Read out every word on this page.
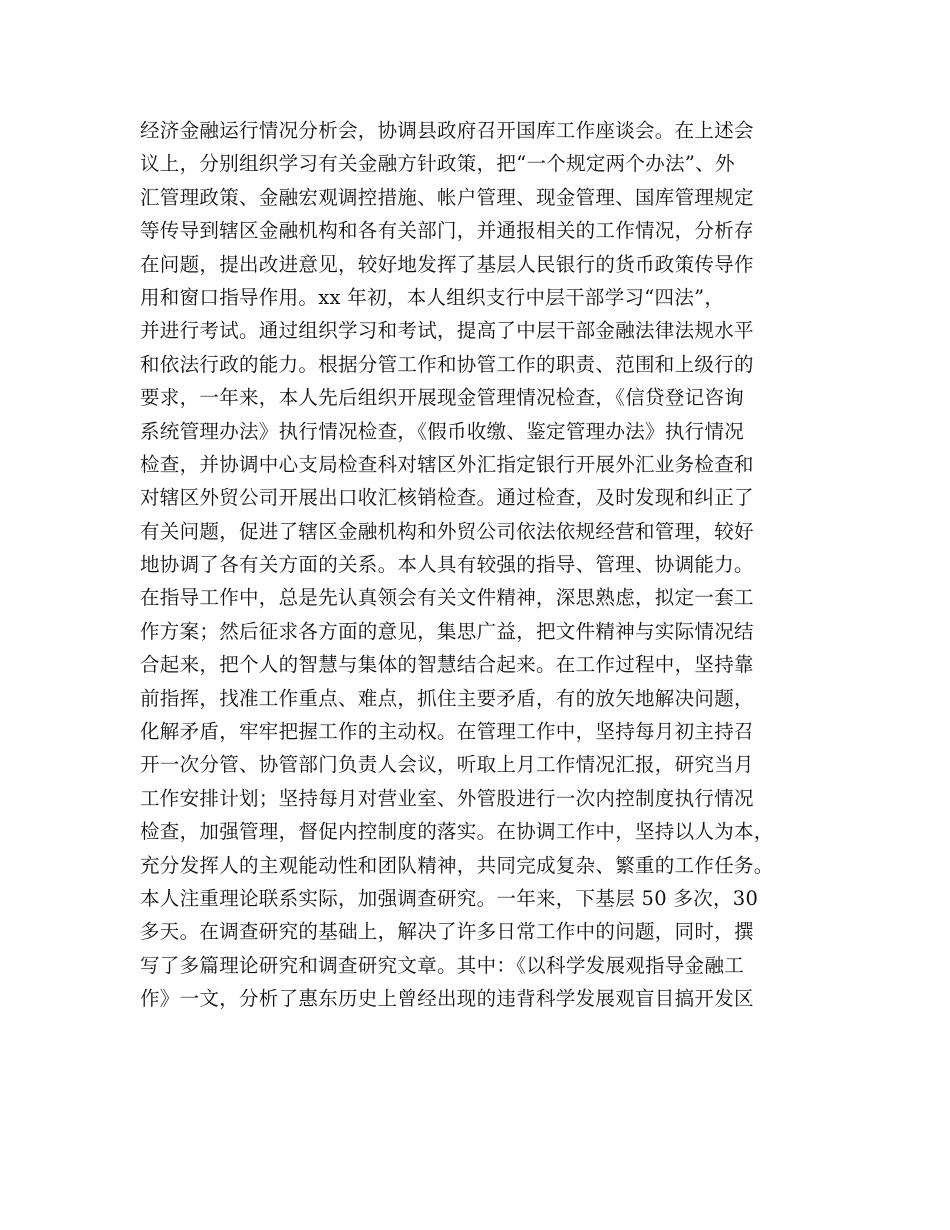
经济金融运行情况分析会，协调县政府召开国库工作座谈会。在上述会
议上，分别组织学习有关金融方针政策，把“一个规定两个办法”、外
汇管理政策、金融宏观调控措施、帐户管理、现金管理、国库管理规定
等传导到辖区金融机构和各有关部门，并通报相关的工作情况，分析存
在问题，提出改进意见，较好地发挥了基层人民银行的货币政策传导作
用和窗口指导作用。xx 年初，本人组织支行中层干部学习“四法”，
并进行考试。通过组织学习和考试，提高了中层干部金融法律法规水平
和依法行政的能力。根据分管工作和协管工作的职责、范围和上级行的
要求，一年来，本人先后组织开展现金管理情况检查，《信贷登记咨询
系统管理办法》执行情况检查，《假币收缴、鉴定管理办法》执行情况
检查，并协调中心支局检查科对辖区外汇指定银行开展外汇业务检查和
对辖区外贸公司开展出口收汇核销检查。通过检查，及时发现和纠正了
有关问题，促进了辖区金融机构和外贸公司依法依规经营和管理，较好
地协调了各有关方面的关系。本人具有较强的指导、管理、协调能力。
在指导工作中，总是先认真领会有关文件精神，深思熟虑，拟定一套工
作方案；然后征求各方面的意见，集思广益，把文件精神与实际情况结
合起来，把个人的智慧与集体的智慧结合起来。在工作过程中，坚持靠
前指挥，找准工作重点、难点，抓住主要矛盾，有的放矢地解决问题，
化解矛盾，牢牢把握工作的主动权。在管理工作中，坚持每月初主持召
开一次分管、协管部门负责人会议，听取上月工作情况汇报，研究当月
工作安排计划；坚持每月对营业室、外管股进行一次内控制度执行情况
检查，加强管理，督促内控制度的落实。在协调工作中，坚持以人为本，
充分发挥人的主观能动性和团队精神，共同完成复杂、繁重的工作任务。
本人注重理论联系实际，加强调查研究。一年来，下基层 50 多次，30
多天。在调查研究的基础上，解决了许多日常工作中的问题，同时，撰
写了多篇理论研究和调查研究文章。其中：《以科学发展观指导金融工
作》一文，分析了惠东历史上曾经出现的违背科学发展观盲目搞开发区
